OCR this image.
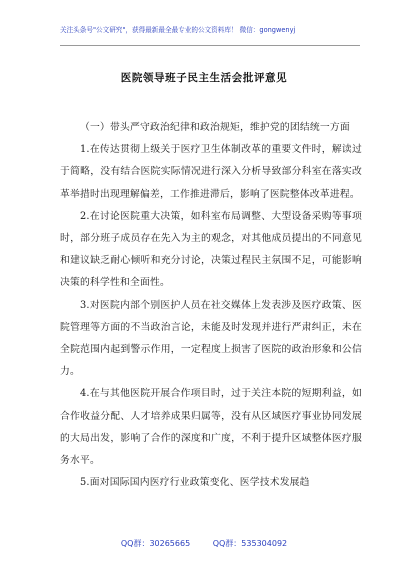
关注头条号"公文研究"，获得最新最全最专业的公文资料库！ 微信：gongwenyj
医院领导班子民主生活会批评意见

（一）带头严守政治纪律和政治规矩，维护党的团结统一方面

1.在传达贯彻上级关于医疗卫生体制改革的重要文件时，解读过于简略，没有结合医院实际情况进行深入分析导致部分科室在落实改革举措时出现理解偏差，工作推进滞后，影响了医院整体改革进程。

2.在讨论医院重大决策，如科室布局调整、大型设备采购等事项时，部分班子成员存在先入为主的观念，对其他成员提出的不同意见和建议缺乏耐心倾听和充分讨论，决策过程民主氛围不足，可能影响决策的科学性和全面性。

3.对医院内部个别医护人员在社交媒体上发表涉及医疗政策、医院管理等方面的不当政治言论，未能及时发现并进行严肃纠正，未在全院范围内起到警示作用，一定程度上损害了医院的政治形象和公信力。

4.在与其他医院开展合作项目时，过于关注本院的短期利益，如合作收益分配、人才培养成果归属等，没有从区域医疗事业协同发展的大局出发，影响了合作的深度和广度，不利于提升区域整体医疗服务水平。

5.面对国际国内医疗行业政策变化、医学技术发展趋

QQ群：30265665	QQ群：535304092
